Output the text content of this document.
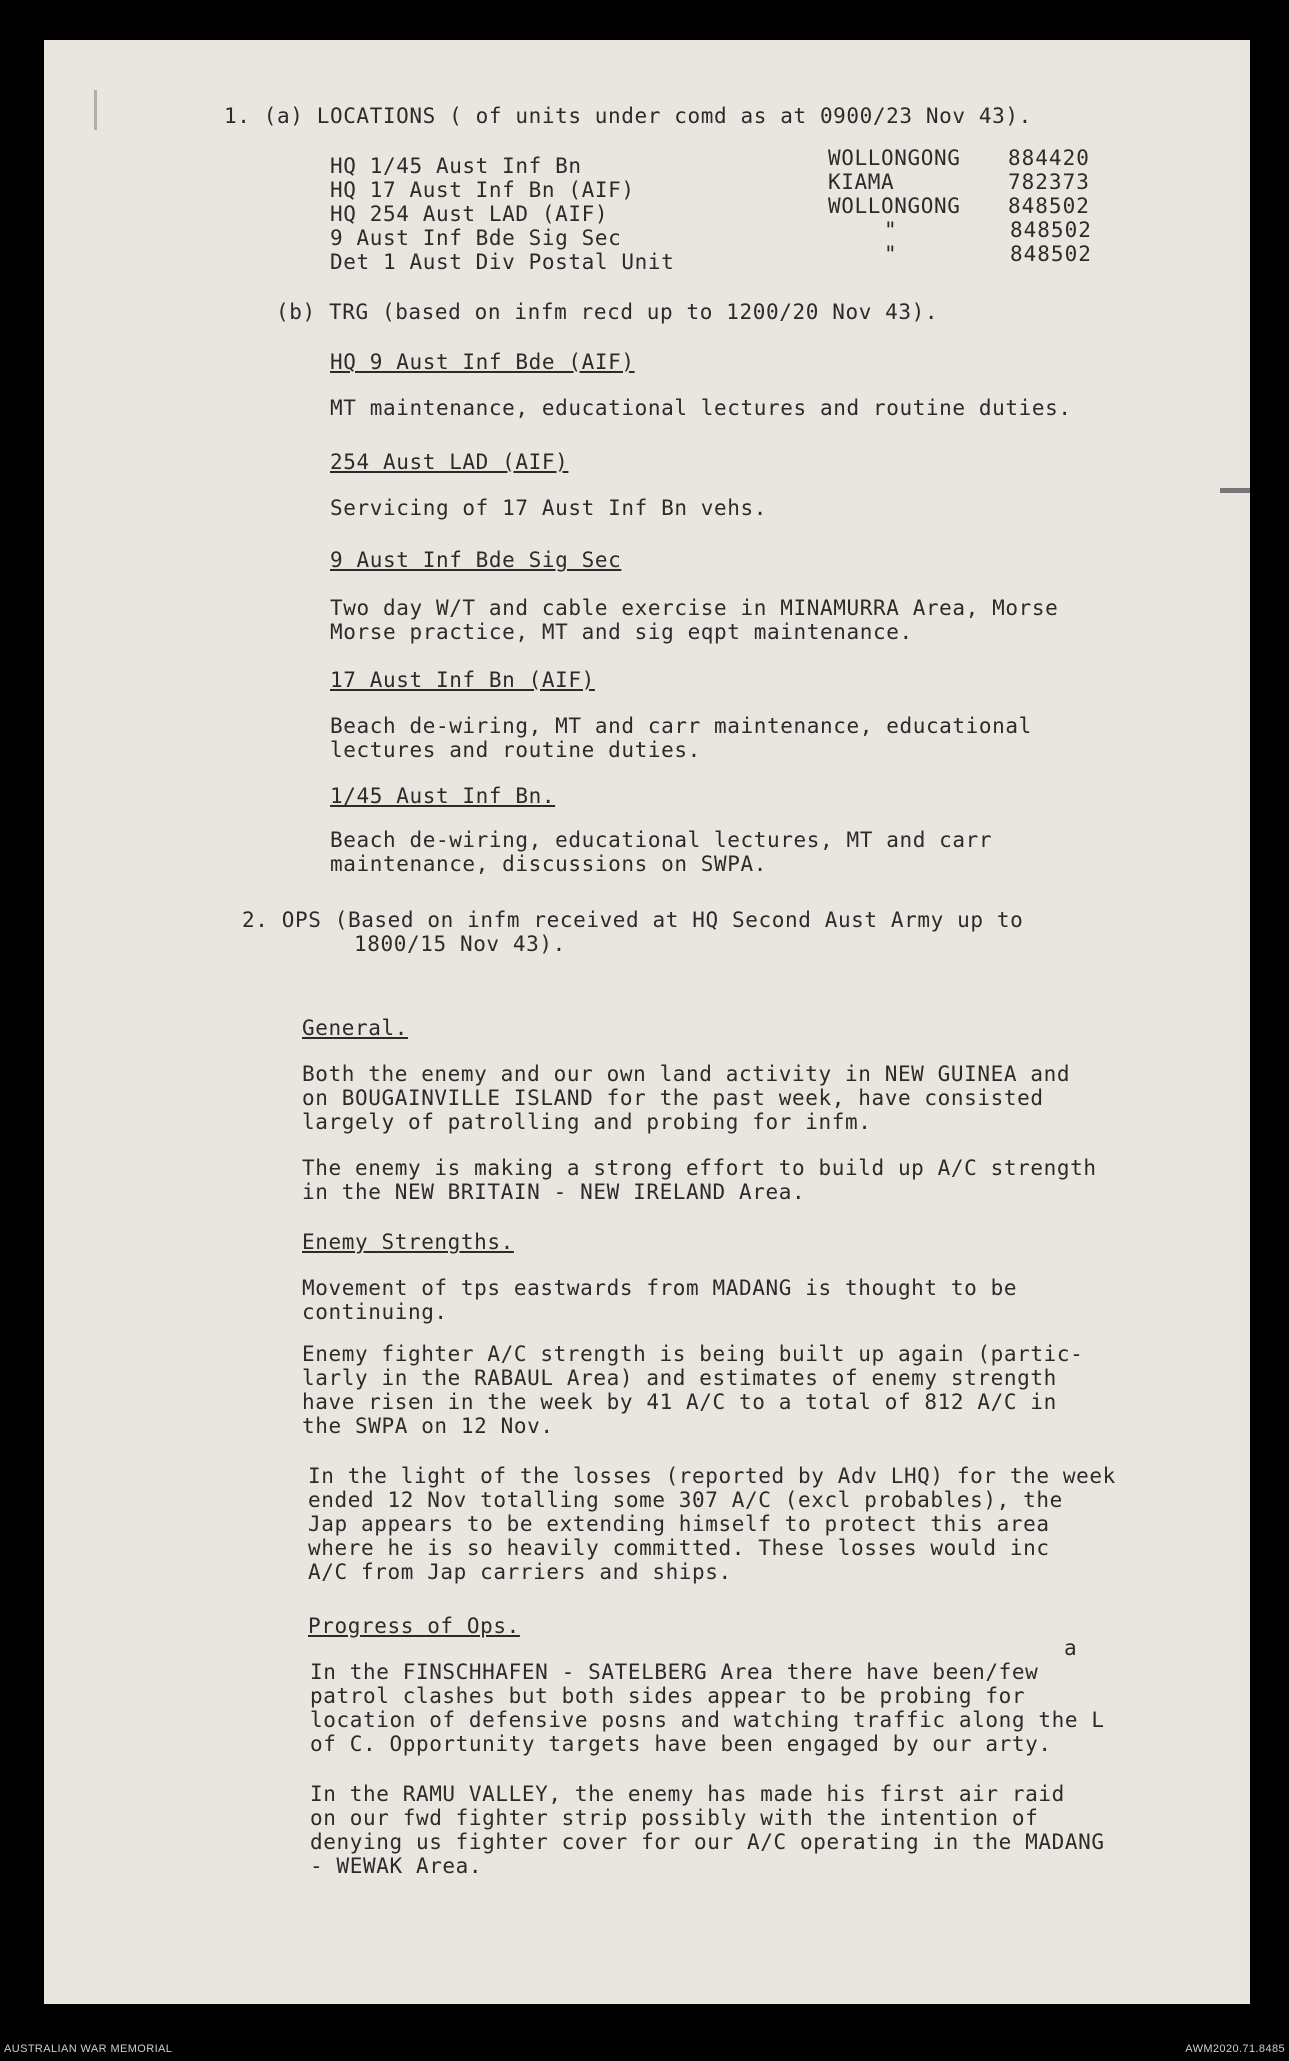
1. (a) LOCATIONS ( of units under comd as at 0900/23 Nov 43).
HQ 1/45 Aust Inf Bn	WOLLONGONG 884420
HQ 17 Aust Inf Bn (AIF)	KIAMA	782373
HQ 254 Aust LAD (AIF)	WOLLONGONG 848502
9 Aust Inf Bde Sig Sec	"	848502
Det 1 Aust Div Postal Unit	"	848502
(b) TRG (based on infm recd up to 1200/20 Nov 43).
HQ 9 Aust Inf Bde (AIF)
MT maintenance, educational lectures and routine duties.
254 Aust LAD (AIF)
Servicing of 17 Aust Inf Bn vehs.
9 Aust Inf Bde Sig Sec
Two day W/T and cable exercise in MINAMURRA Area, Morse
Morse practice, MT and sig eqpt maintenance.
17 Aust Inf Bn (AIF)
Beach de-wiring, MT and carr maintenance, educational
lectures and routine duties.
1/45 Aust Inf Bn.
Beach de-wiring, educational lectures, MT and carr
maintenance, discussions on SWPA.
2. OPS (Based on infm received at HQ Second Aust Army up to
1800/15 Nov 43).
General.
Both the enemy and our own land activity in NEW GUINEA and
on BOUGAINVILLE ISLAND for the past week, have consisted
largely of patrolling and probing for infm.
The enemy is making a strong effort to build up A/C strength
in the NEW BRITAIN - NEW IRELAND Area.
Enemy Strengths.
Movement of tps eastwards from MADANG is thought to be
continuing.
Enemy fighter A/C strength is being built up again (partic-
larly in the RABAUL Area) and estimates of enemy strength
have risen in the week by 41 A/C to a total of 812 A/C in
the SWPA on 12 Nov.
In the light of the losses (reported by Adv LHQ) for the week
ended 12 Nov totalling some 307 A/C (excl probables), the
Jap appears to be extending himself to protect this area
where he is so heavily committed. These losses would inc
A/C from Jap carriers and ships.
Progress of Ops.
a
In the FINSCHHAFEN - SATELBERG Area there have been/few
patrol clashes but both sides appear to be probing for
location of defensive posns and watching traffic along the L
of C. Opportunity targets have been engaged by our arty.
In the RAMU VALLEY, the enemy has made his first air raid
on our fwd fighter strip possibly with the intention of
denying us fighter cover for our A/C operating in the MADANG
- WEWAK Area.
AUSTRALIAN WAR MEMORIAL	AWM2020.71.8485
